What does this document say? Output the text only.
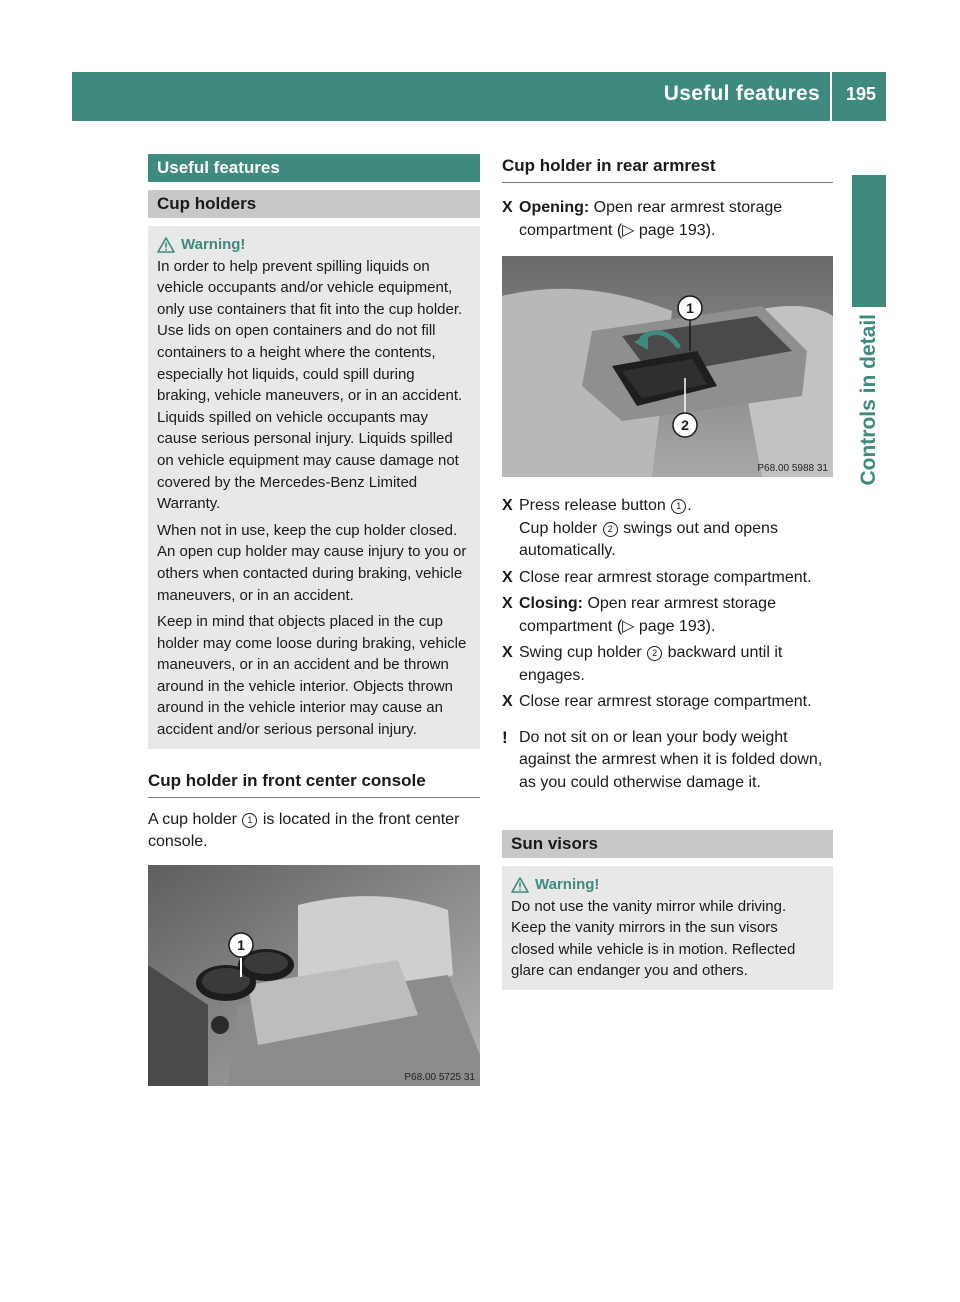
Useful features 195
Controls in detail
Useful features
Cup holders
Warning!

In order to help prevent spilling liquids on vehicle occupants and/or vehicle equipment, only use containers that fit into the cup holder. Use lids on open containers and do not fill containers to a height where the contents, especially hot liquids, could spill during braking, vehicle maneuvers, or in an accident. Liquids spilled on vehicle occupants may cause serious personal injury. Liquids spilled on vehicle equipment may cause damage not covered by the Mercedes-Benz Limited Warranty.

When not in use, keep the cup holder closed. An open cup holder may cause injury to you or others when contacted during braking, vehicle maneuvers, or in an accident.

Keep in mind that objects placed in the cup holder may come loose during braking, vehicle maneuvers, or in an accident and be thrown around in the vehicle interior. Objects thrown around in the vehicle interior may cause an accident and/or serious personal injury.

Cup holder in front center console
A cup holder 1 is located in the front center console.
1
P68.00 5725 31
Cup holder in rear armrest
X Opening: Open rear armrest storage compartment (▷ page 193).
1
2
P68.00 5988 31
X Press release button 1 .
Cup holder 2 swings out and opens automatically.
X Close rear armrest storage compartment.
X Closing: Open rear armrest storage compartment (▷ page 193).
X Swing cup holder 2 backward until it engages.
X Close rear armrest storage compartment.
! Do not sit on or lean your body weight against the armrest when it is folded down, as you could otherwise damage it.
Sun visors
Warning!

Do not use the vanity mirror while driving. Keep the vanity mirrors in the sun visors closed while vehicle is in motion. Reflected glare can endanger you and others.
